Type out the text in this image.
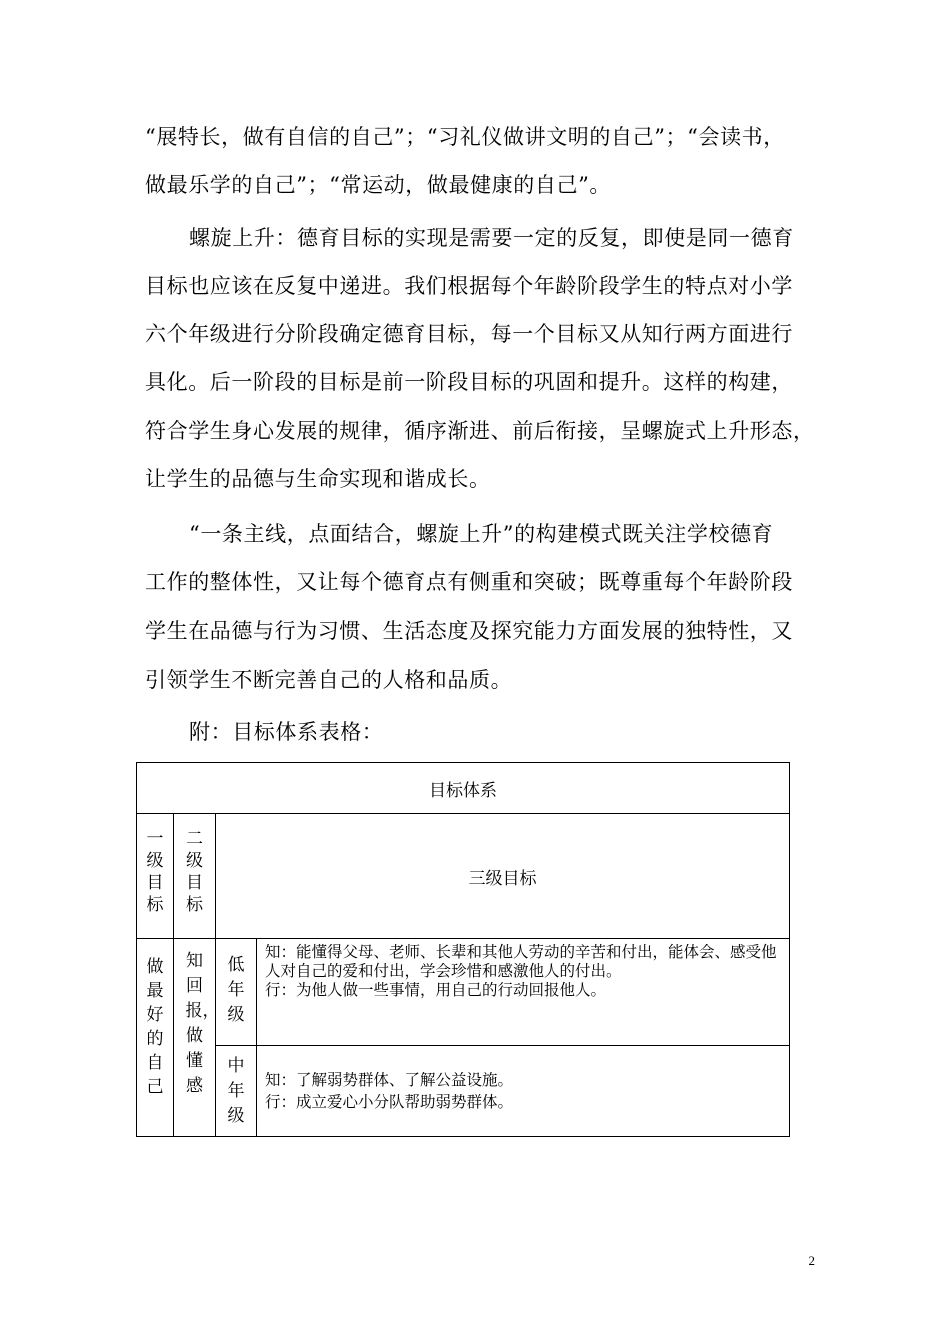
“展特长，做有自信的自己”；“习礼仪做讲文明的自己”；“会读书，
做最乐学的自己”；“常运动，做最健康的自己”。
螺旋上升：德育目标的实现是需要一定的反复，即使是同一德育
目标也应该在反复中递进。我们根据每个年龄阶段学生的特点对小学
六个年级进行分阶段确定德育目标，每一个目标又从知行两方面进行
具化。后一阶段的目标是前一阶段目标的巩固和提升。这样的构建，
符合学生身心发展的规律，循序渐进、前后衔接，呈螺旋式上升形态，
让学生的品德与生命实现和谐成长。
“一条主线，点面结合，螺旋上升”的构建模式既关注学校德育
工作的整体性，又让每个德育点有侧重和突破；既尊重每个年龄阶段
学生在品德与行为习惯、生活态度及探究能力方面发展的独特性，又
引领学生不断完善自己的人格和品质。
附：目标体系表格：
目标体系			
一级目标	二级目标	三级目标	
做最好的自己	知回报，做懂感	低年级	知：能懂得父母、老师、长辈和其他人劳动的辛苦和付出，能体会、感受他人对自己的爱和付出，学会珍惜和感激他人的付出。
行：为他人做一些事情，用自己的行动回报他人。

		中年级	知：了解弱势群体、了解公益设施。
行：成立爱心小分队帮助弱势群体。
2
